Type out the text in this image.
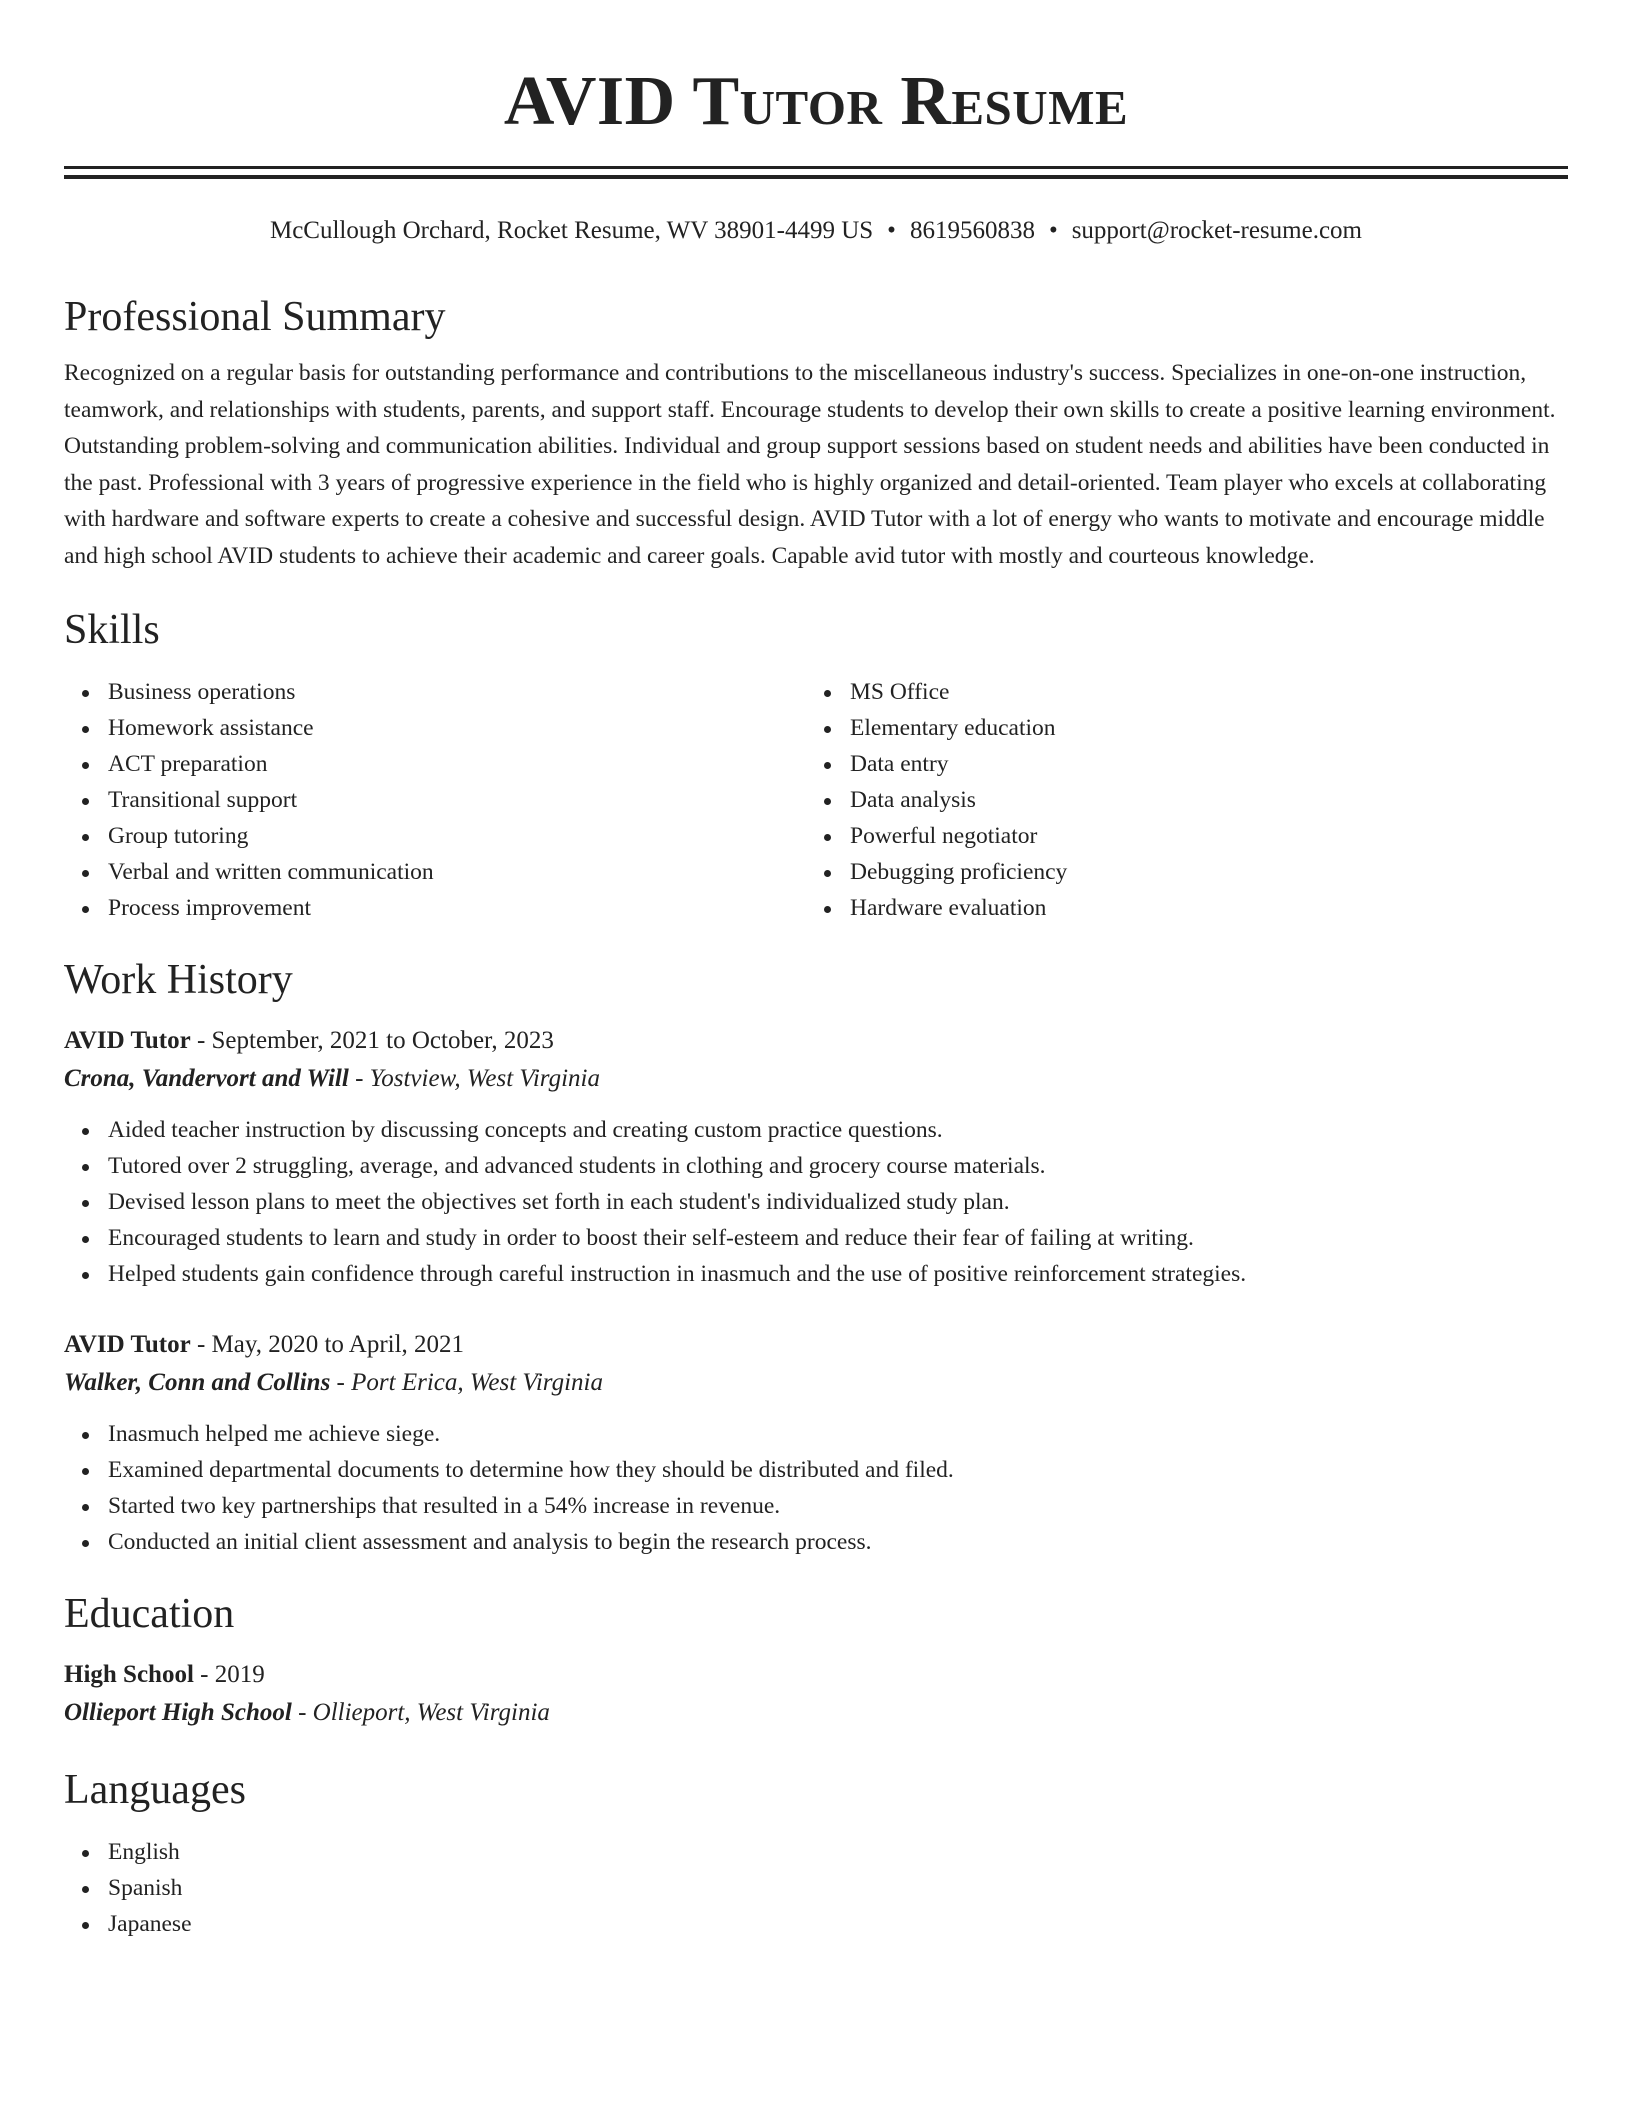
AVID Tutor Resume
McCullough Orchard, Rocket Resume, WV 38901-4499 US • 8619560838 • support@rocket-resume.com
Professional Summary

Recognized on a regular basis for outstanding performance and contributions to the miscellaneous industry's success. Specializes in one-on-one instruction, teamwork, and relationships with students, parents, and support staff. Encourage students to develop their own skills to create a positive learning environment. Outstanding problem-solving and communication abilities. Individual and group support sessions based on student needs and abilities have been conducted in the past. Professional with 3 years of progressive experience in the field who is highly organized and detail-oriented. Team player who excels at collaborating with hardware and software experts to create a cohesive and successful design. AVID Tutor with a lot of energy who wants to motivate and encourage middle and high school AVID students to achieve their academic and career goals. Capable avid tutor with mostly and courteous knowledge.

Skills
Business operations
Homework assistance
ACT preparation
Transitional support
Group tutoring
Verbal and written communication
Process improvement
MS Office
Elementary education
Data entry
Data analysis
Powerful negotiator
Debugging proficiency
Hardware evaluation
Work History
AVID Tutor - September, 2021 to October, 2023
Crona, Vandervort and Will - Yostview, West Virginia
Aided teacher instruction by discussing concepts and creating custom practice questions.
Tutored over 2 struggling, average, and advanced students in clothing and grocery course materials.
Devised lesson plans to meet the objectives set forth in each student's individualized study plan.
Encouraged students to learn and study in order to boost their self-esteem and reduce their fear of failing at writing.
Helped students gain confidence through careful instruction in inasmuch and the use of positive reinforcement strategies.
AVID Tutor - May, 2020 to April, 2021
Walker, Conn and Collins - Port Erica, West Virginia
Inasmuch helped me achieve siege.
Examined departmental documents to determine how they should be distributed and filed.
Started two key partnerships that resulted in a 54% increase in revenue.
Conducted an initial client assessment and analysis to begin the research process.
Education
High School - 2019
Ollieport High School - Ollieport, West Virginia
Languages
English
Spanish
Japanese
